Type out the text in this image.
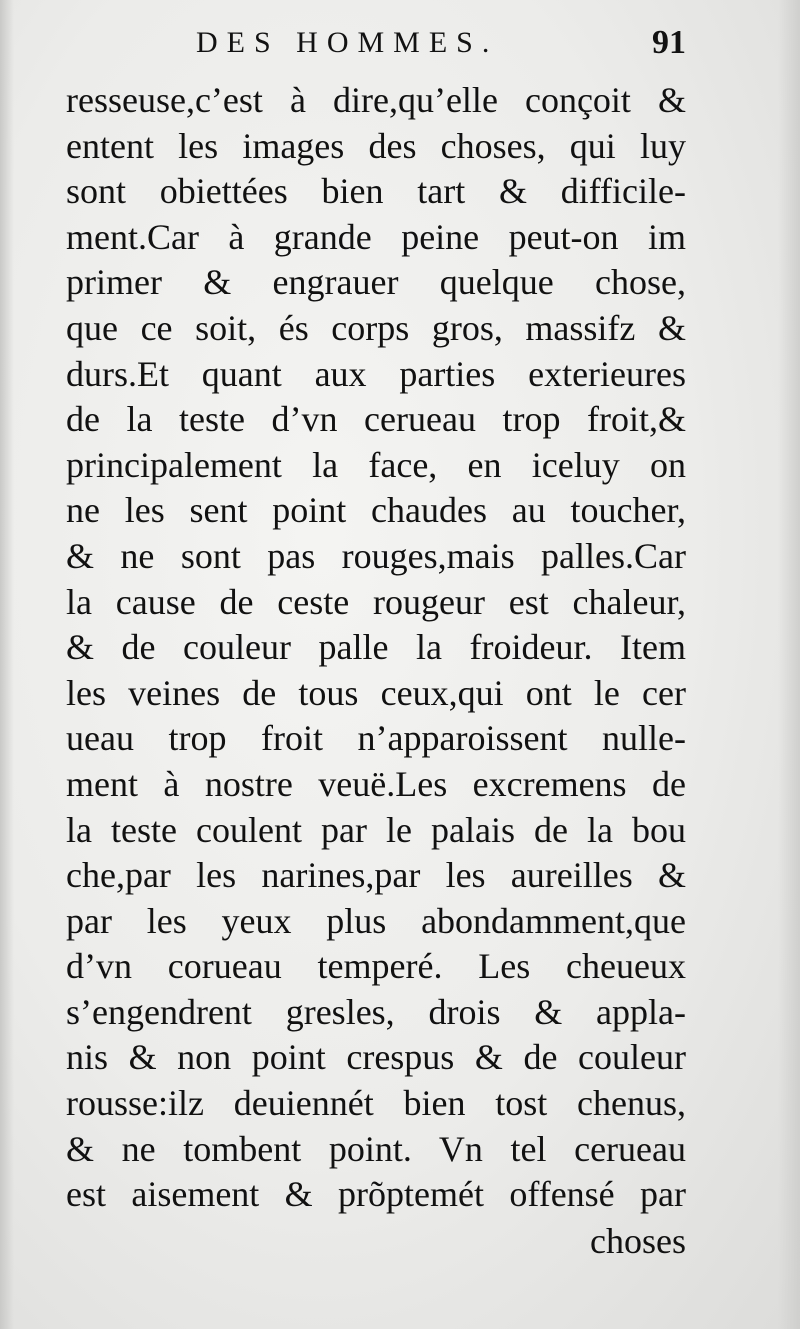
DES HOMMES.	91
resseuse,c’est à dire,qu’elle conçoit &
entent les images des choses, qui luy
sont obiettées bien tart & difficile-
ment.Car à grande peine peut-on im
primer & engrauer quelque chose,
que ce soit, és corps gros, massifz &
durs.Et quant aux parties exterieures
de la teste d’vn cerueau trop froit,&
principalement la face, en iceluy on
ne les sent point chaudes au toucher,
& ne sont pas rouges,mais palles.Car
la cause de ceste rougeur est chaleur,
& de couleur palle la froideur. Item
les veines de tous ceux,qui ont le cer
ueau trop froit n’apparoissent nulle-
ment à nostre veuë.Les excremens de
la teste coulent par le palais de la bou
che,par les narines,par les aureilles &
par les yeux plus abondamment,que
d’vn corueau temperé. Les cheueux
s’engendrent gresles, drois & appla-
nis & non point crespus & de couleur
rousse:ilz deuiennét bien tost chenus,
& ne tombent point. Vn tel cerueau
est aisement & prõptemét offensé par
choses
